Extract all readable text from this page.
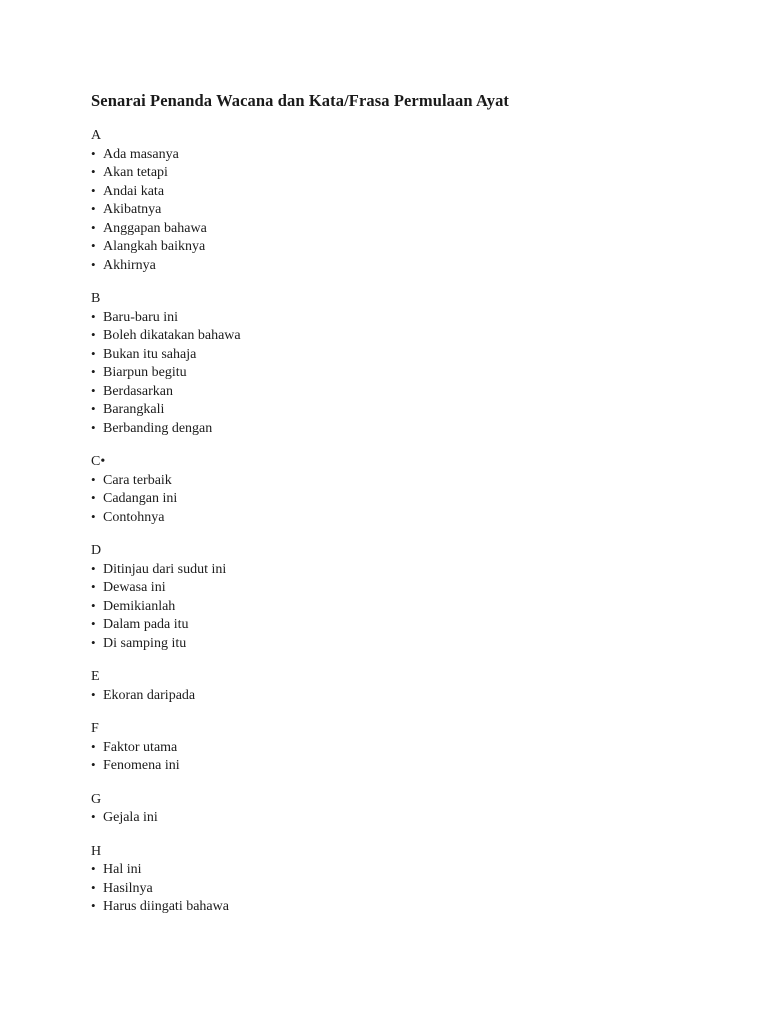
Senarai Penanda Wacana dan Kata/Frasa Permulaan Ayat
A
• Ada masanya
• Akan tetapi
• Andai kata
• Akibatnya
• Anggapan bahawa
• Alangkah baiknya
• Akhirnya
B
• Baru-baru ini
• Boleh dikatakan bahawa
• Bukan itu sahaja
• Biarpun begitu
• Berdasarkan
• Barangkali
• Berbanding dengan
C•
• Cara terbaik
• Cadangan ini
• Contohnya
D
• Ditinjau dari sudut ini
• Dewasa ini
• Demikianlah
• Dalam pada itu
• Di samping itu
E
• Ekoran daripada
F
• Faktor utama
• Fenomena ini
G
• Gejala ini
H
• Hal ini
• Hasilnya
• Harus diingati bahawa
